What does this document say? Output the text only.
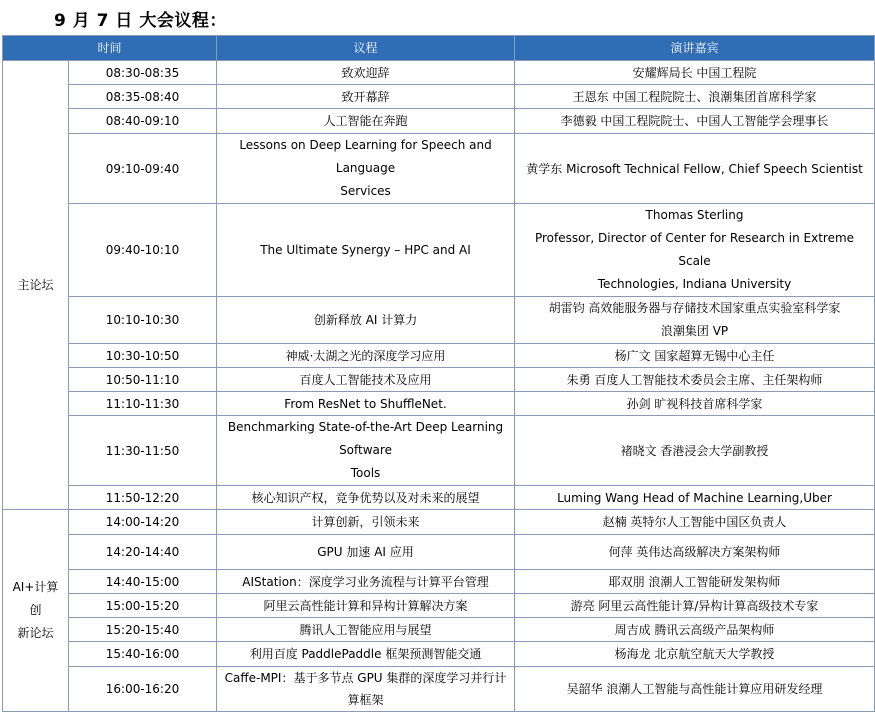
9 月 7 日 大会议程：
时间		议程	演讲嘉宾
主论坛	08:30-08:35	致欢迎辞	安耀辉局长 中国工程院
	08:35-08:40	致开幕辞	王恩东 中国工程院院士、浪潮集团首席科学家
	08:40-09:10	人工智能在奔跑	李德毅 中国工程院院士、中国人工智能学会理事长
	09:10-09:40	Lessons on Deep Learning for Speech and Language
Services	黄学东 Microsoft Technical Fellow, Chief Speech Scientist
	09:40-10:10	The Ultimate Synergy – HPC and AI	Thomas Sterling
Professor, Director of Center for Research in Extreme Scale
Technologies, Indiana University
	10:10-10:30	创新释放 AI 计算力	胡雷钧 高效能服务器与存储技术国家重点实验室科学家
浪潮集团 VP
	10:30-10:50	神威·太湖之光的深度学习应用	杨广文 国家超算无锡中心主任
	10:50-11:10	百度人工智能技术及应用	朱勇 百度人工智能技术委员会主席、主任架构师
	11:10-11:30	From ResNet to ShuffleNet.	孙剑 旷视科技首席科学家
	11:30-11:50	Benchmarking State-of-the-Art Deep Learning Software
Tools	褚晓文 香港浸会大学副教授
	11:50-12:20	核心知识产权，竞争优势以及对未来的展望	Luming Wang Head of Machine Learning,Uber
AI+计算创
新论坛	14:00-14:20	计算创新，引领未来	赵楠 英特尔人工智能中国区负责人
	14:20-14:40	GPU 加速 AI 应用	何萍 英伟达高级解决方案架构师
	14:40-15:00	AIStation：深度学习业务流程与计算平台管理	耶双朋 浪潮人工智能研发架构师
	15:00-15:20	阿里云高性能计算和异构计算解决方案	游亮 阿里云高性能计算/异构计算高级技术专家
	15:20-15:40	腾讯人工智能应用与展望	周吉成 腾讯云高级产品架构师
	15:40-16:00	利用百度 PaddlePaddle 框架预测智能交通	杨海龙 北京航空航天大学教授
	16:00-16:20	Caffe-MPI：基于多节点 GPU 集群的深度学习并行计算框架	吴韶华 浪潮人工智能与高性能计算应用研发经理
